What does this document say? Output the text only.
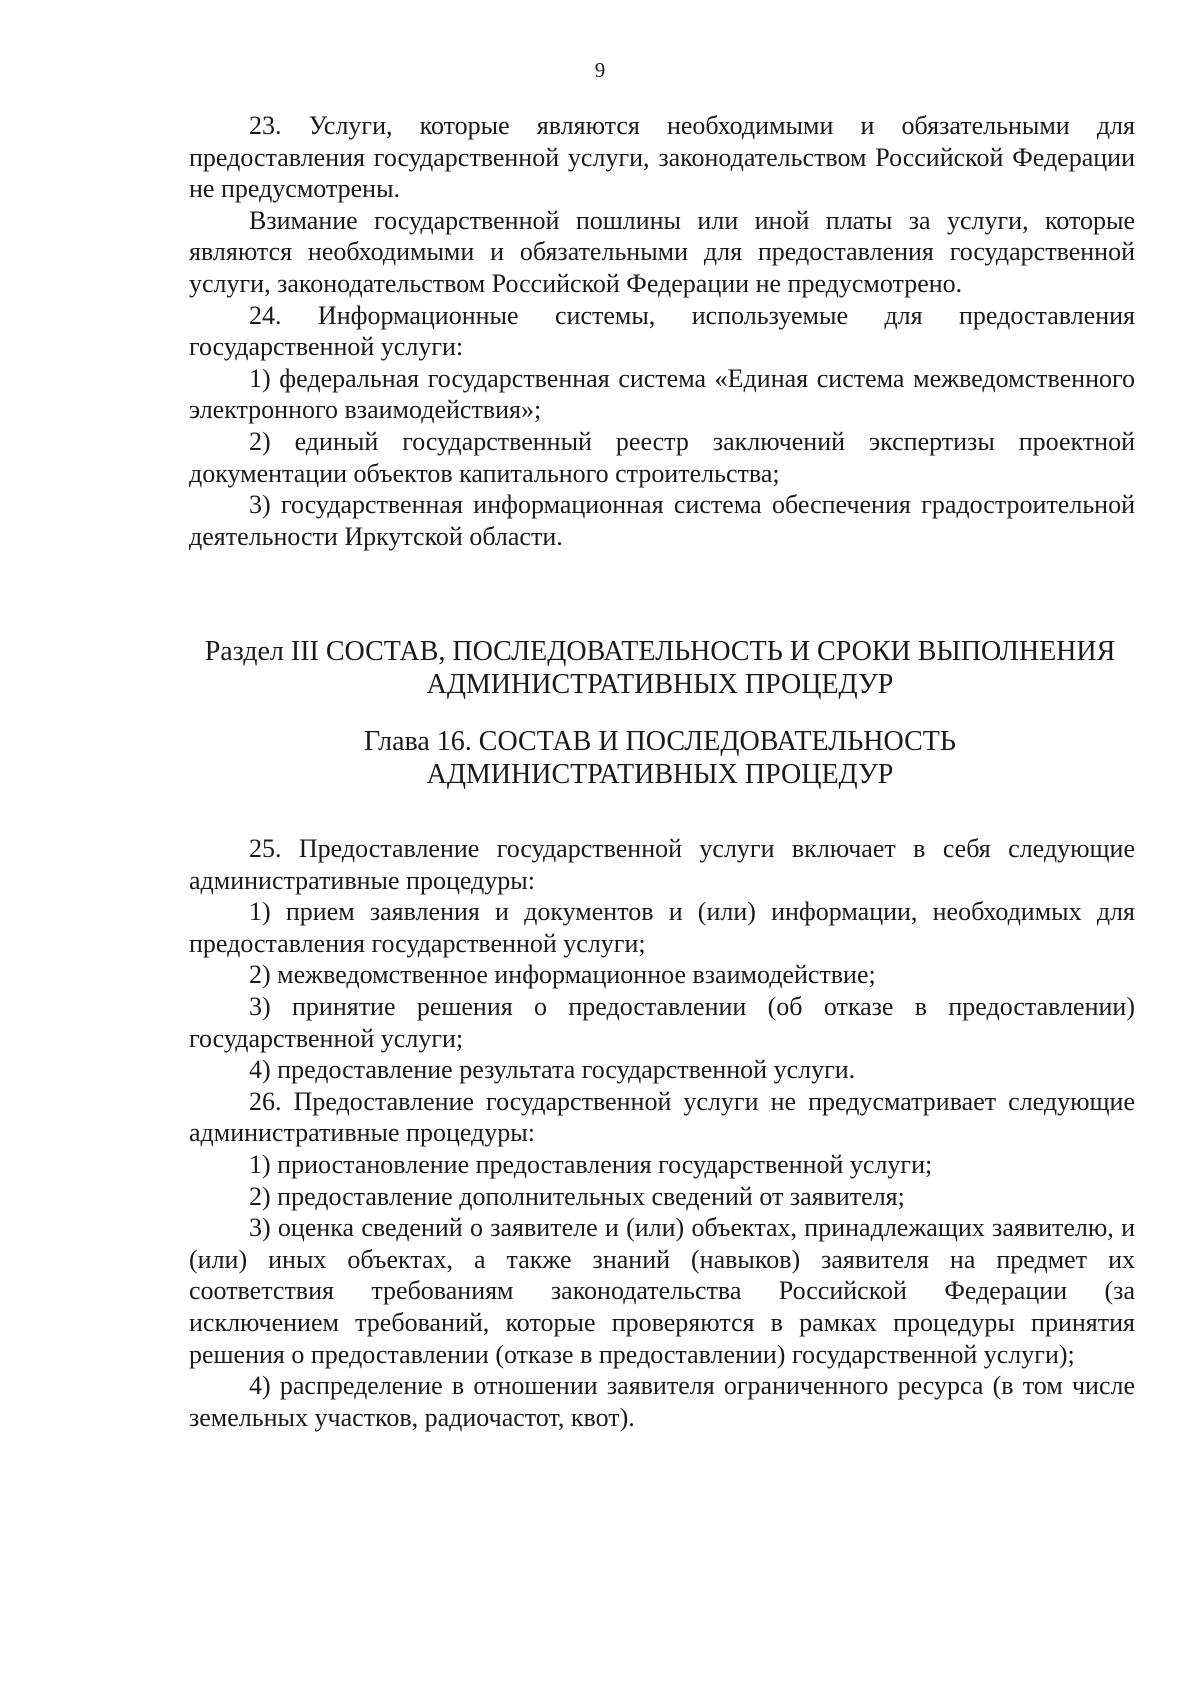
9

23. Услуги, которые являются необходимыми и обязательными для предоставления государственной услуги, законодательством Российской Федерации не предусмотрены.

Взимание государственной пошлины или иной платы за услуги, которые являются необходимыми и обязательными для предоставления государственной услуги, законодательством Российской Федерации не предусмотрено.

24. Информационные системы, используемые для предоставления государственной услуги:

1) федеральная государственная система «Единая система межведомственного электронного взаимодействия»;

2) единый государственный реестр заключений экспертизы проектной документации объектов капитального строительства;

3) государственная информационная система обеспечения градостроительной деятельности Иркутской области.

Раздел III СОСТАВ, ПОСЛЕДОВАТЕЛЬНОСТЬ И СРОКИ ВЫПОЛНЕНИЯ
АДМИНИСТРАТИВНЫХ ПРОЦЕДУР
Глава 16. СОСТАВ И ПОСЛЕДОВАТЕЛЬНОСТЬ
АДМИНИСТРАТИВНЫХ ПРОЦЕДУР

25. Предоставление государственной услуги включает в себя следующие административные процедуры:

1) прием заявления и документов и (или) информации, необходимых для предоставления государственной услуги;

2) межведомственное информационное взаимодействие;

3) принятие решения о предоставлении (об отказе в предоставлении) государственной услуги;

4) предоставление результата государственной услуги.

26. Предоставление государственной услуги не предусматривает следующие административные процедуры:

1) приостановление предоставления государственной услуги;

2) предоставление дополнительных сведений от заявителя;

3) оценка сведений о заявителе и (или) объектах, принадлежащих заявителю, и (или) иных объектах, а также знаний (навыков) заявителя на предмет их соответствия требованиям законодательства Российской Федерации (за исключением требований, которые проверяются в рамках процедуры принятия решения о предоставлении (отказе в предоставлении) государственной услуги);

4) распределение в отношении заявителя ограниченного ресурса (в том числе земельных участков, радиочастот, квот).
